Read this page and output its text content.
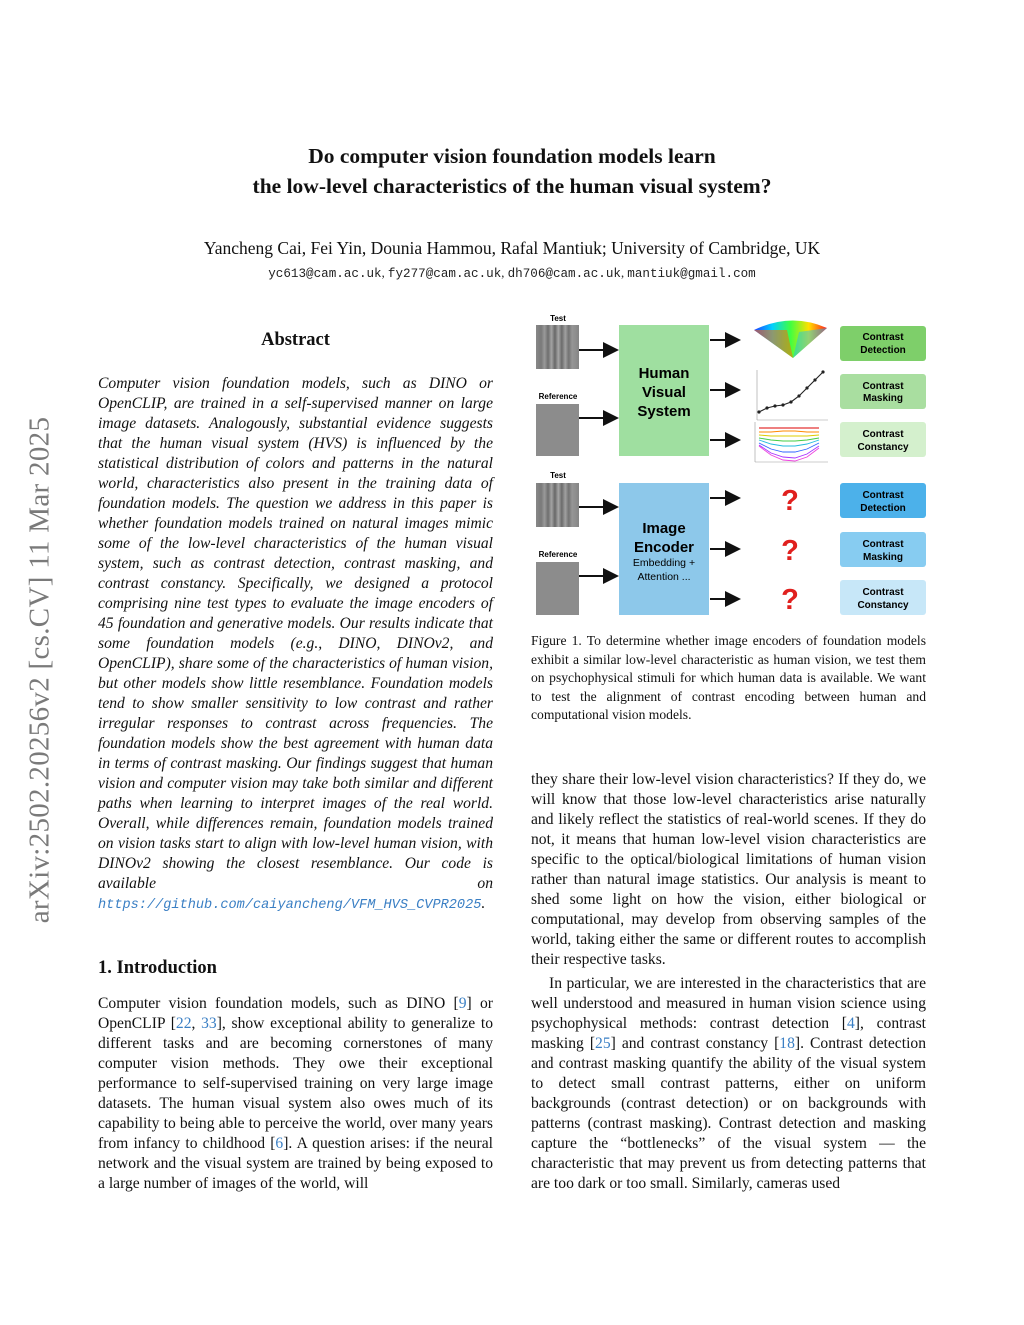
Do computer vision foundation models learn
the low-level characteristics of the human visual system?
Yancheng Cai, Fei Yin, Dounia Hammou, Rafal Mantiuk; University of Cambridge, UK
yc613@cam.ac.uk, fy277@cam.ac.uk, dh706@cam.ac.uk, mantiuk@gmail.com
arXiv:2502.20256v2 [cs.CV] 11 Mar 2025
Abstract
Computer vision foundation models, such as DINO or OpenCLIP, are trained in a self-supervised manner on large image datasets. Analogously, substantial evidence suggests that the human visual system (HVS) is influenced by the statistical distribution of colors and patterns in the natural world, characteristics also present in the training data of foundation models. The question we address in this paper is whether foundation models trained on natural images mimic some of the low-level characteristics of the human visual system, such as contrast detection, contrast masking, and contrast constancy. Specifically, we designed a protocol comprising nine test types to evaluate the image encoders of 45 foundation and generative models. Our results indicate that some foundation models (e.g., DINO, DINOv2, and OpenCLIP), share some of the characteristics of human vision, but other models show little resemblance. Foundation models tend to show smaller sensitivity to low contrast and rather irregular responses to contrast across frequencies. The foundation models show the best agreement with human data in terms of contrast masking. Our findings suggest that human vision and computer vision may take both similar and different paths when learning to interpret images of the real world. Overall, while differences remain, foundation models trained on vision tasks start to align with low-level human vision, with DINOv2 showing the closest resemblance. Our code is available on https://github.com/caiyancheng/VFM_HVS_CVPR2025.
1. Introduction
Computer vision foundation models, such as DINO [9] or OpenCLIP [22, 33], show exceptional ability to generalize to different tasks and are becoming cornerstones of many computer vision methods. They owe their exceptional performance to self-supervised training on very large image datasets. The human visual system also owes much of its capability to being able to perceive the world, over many years from infancy to childhood [6]. A question arises: if the neural network and the visual system are trained by being exposed to a large number of images of the world, will
Test
Reference
Human
Visual
System
Contrast
Detection
Contrast
Masking
Contrast
Constancy
Test
Reference
Image
Encoder
Embedding +
Attention ...
?
?
?
Contrast
Detection
Contrast
Masking
Contrast
Constancy
Figure 1. To determine whether image encoders of foundation models exhibit a similar low-level characteristic as human vision, we test them on psychophysical stimuli for which human data is available. We want to test the alignment of contrast encoding between human and computational vision models.

they share their low-level vision characteristics? If they do, we will know that those low-level characteristics arise naturally and likely reflect the statistics of real-world scenes. If they do not, it means that human low-level vision characteristics are specific to the optical/biological limitations of human vision rather than natural image statistics. Our analysis is meant to shed some light on how the vision, either biological or computational, may develop from observing samples of the world, taking either the same or different routes to accomplish their respective tasks.

In particular, we are interested in the characteristics that are well understood and measured in human vision science using psychophysical methods: contrast detection [4], contrast masking [25] and contrast constancy [18]. Contrast detection and contrast masking quantify the ability of the visual system to detect small contrast patterns, either on uniform backgrounds (contrast detection) or on backgrounds with patterns (contrast masking). Contrast detection and masking capture the “bottlenecks” of the visual system — the characteristic that may prevent us from detecting patterns that are too dark or too small. Similarly, cameras used
